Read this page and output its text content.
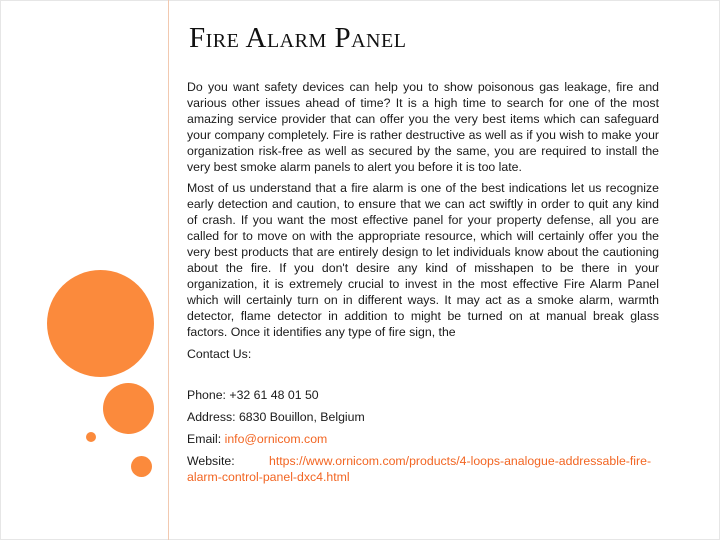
Fire Alarm Panel

Do you want safety devices can help you to show poisonous gas leakage, fire and various other issues ahead of time? It is a high time to search for one of the most amazing service provider that can offer you the very best items which can safeguard your company completely. Fire is rather destructive as well as if you wish to make your organization risk-free as well as secured by the same, you are required to install the very best smoke alarm panels to alert you before it is too late.

Most of us understand that a fire alarm is one of the best indications let us recognize early detection and caution, to ensure that we can act swiftly in order to quit any kind of crash. If you want the most effective panel for your property defense, all you are called for to move on with the appropriate resource, which will certainly offer you the very best products that are entirely design to let individuals know about the cautioning about the fire. If you don't desire any kind of misshapen to be there in your organization, it is extremely crucial to invest in the most effective Fire Alarm Panel which will certainly turn on in different ways. It may act as a smoke alarm, warmth detector, flame detector in addition to might be turned on at manual break glass factors. Once it identifies any type of fire sign, the

Contact Us:

Phone: +32 61 48 01 50

Address: 6830 Bouillon, Belgium

Email: info@ornicom.com

Website:	https://www.ornicom.com/products/4-loops-analogue-addressable-fire-alarm-control-panel-dxc4.html
